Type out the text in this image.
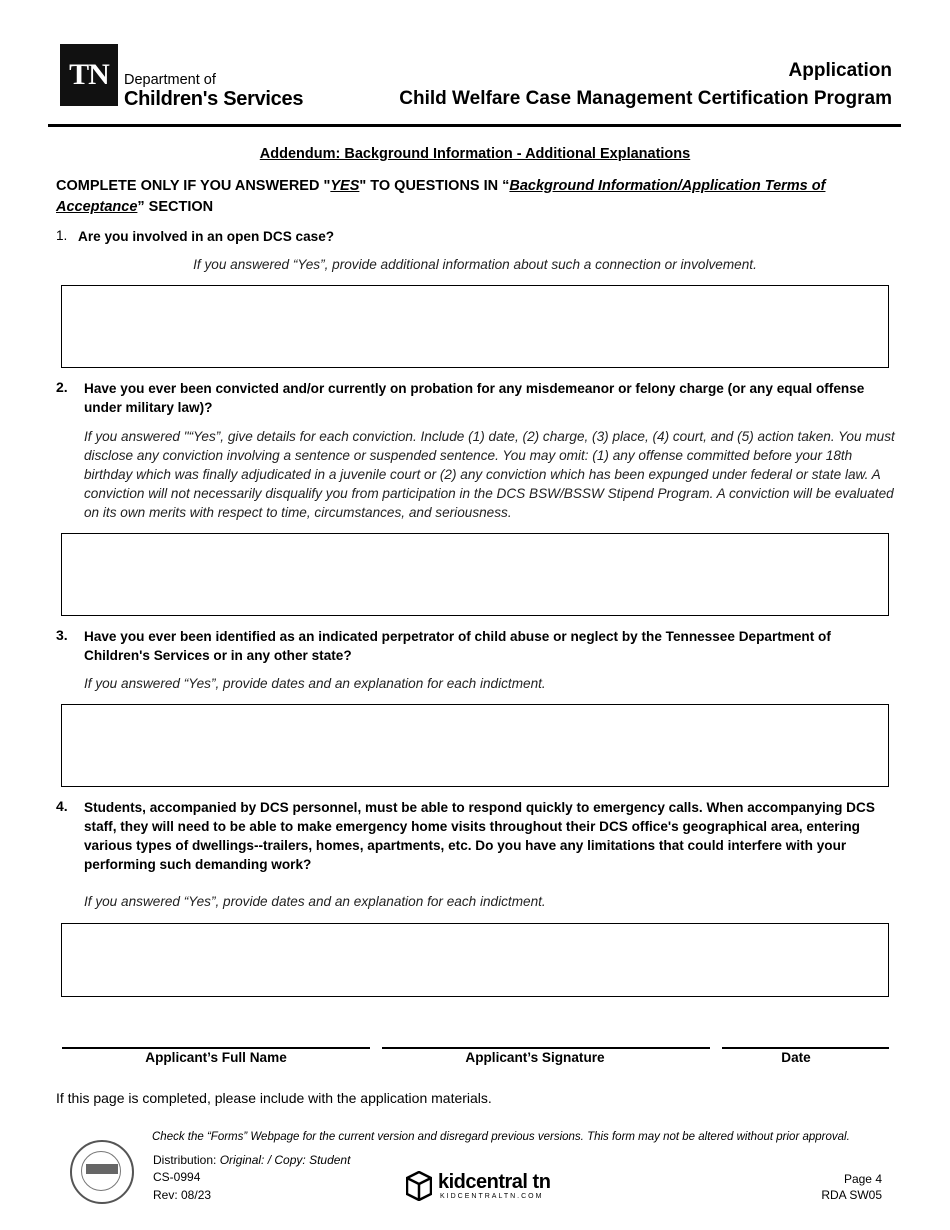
TN	Department of
Children's Services
Application
Child Welfare Case Management Certification Program
Addendum: Background Information - Additional Explanations
COMPLETE ONLY IF YOU ANSWERED "YES" TO QUESTIONS IN “Background Information/Application Terms of Acceptance” SECTION
1. Are you involved in an open DCS case?
If you answered “Yes”, provide additional information about such a connection or involvement.
2. Have you ever been convicted and/or currently on probation for any misdemeanor or felony charge (or any equal offense under military law)?
If you answered "“Yes”, give details for each conviction. Include (1) date, (2) charge, (3) place, (4) court, and (5) action taken. You must disclose any conviction involving a sentence or suspended sentence. You may omit: (1) any offense committed before your 18th birthday which was finally adjudicated in a juvenile court or (2) any conviction which has been expunged under federal or state law. A conviction will not necessarily disqualify you from participation in the DCS BSW/BSSW Stipend Program. A conviction will be evaluated on its own merits with respect to time, circumstances, and seriousness.
3. Have you ever been identified as an indicated perpetrator of child abuse or neglect by the Tennessee Department of Children's Services or in any other state?
If you answered “Yes”, provide dates and an explanation for each indictment.
4. Students, accompanied by DCS personnel, must be able to respond quickly to emergency calls. When accompanying DCS staff, they will need to be able to make emergency home visits throughout their DCS office's geographical area, entering various types of dwellings--trailers, homes, apartments, etc. Do you have any limitations that could interfere with your performing such demanding work?
If you answered “Yes”, provide dates and an explanation for each indictment.
Applicant’s Full Name	Applicant’s Signature	Date
If this page is completed, please include with the application materials.
Check the “Forms” Webpage for the current version and disregard previous versions. This form may not be altered without prior approval.
Distribution: Original: / Copy: Student
CS-0994
Rev: 08/23
kidcentral tn
KIDCENTRALTN.COM
Page 4
RDA SW05
